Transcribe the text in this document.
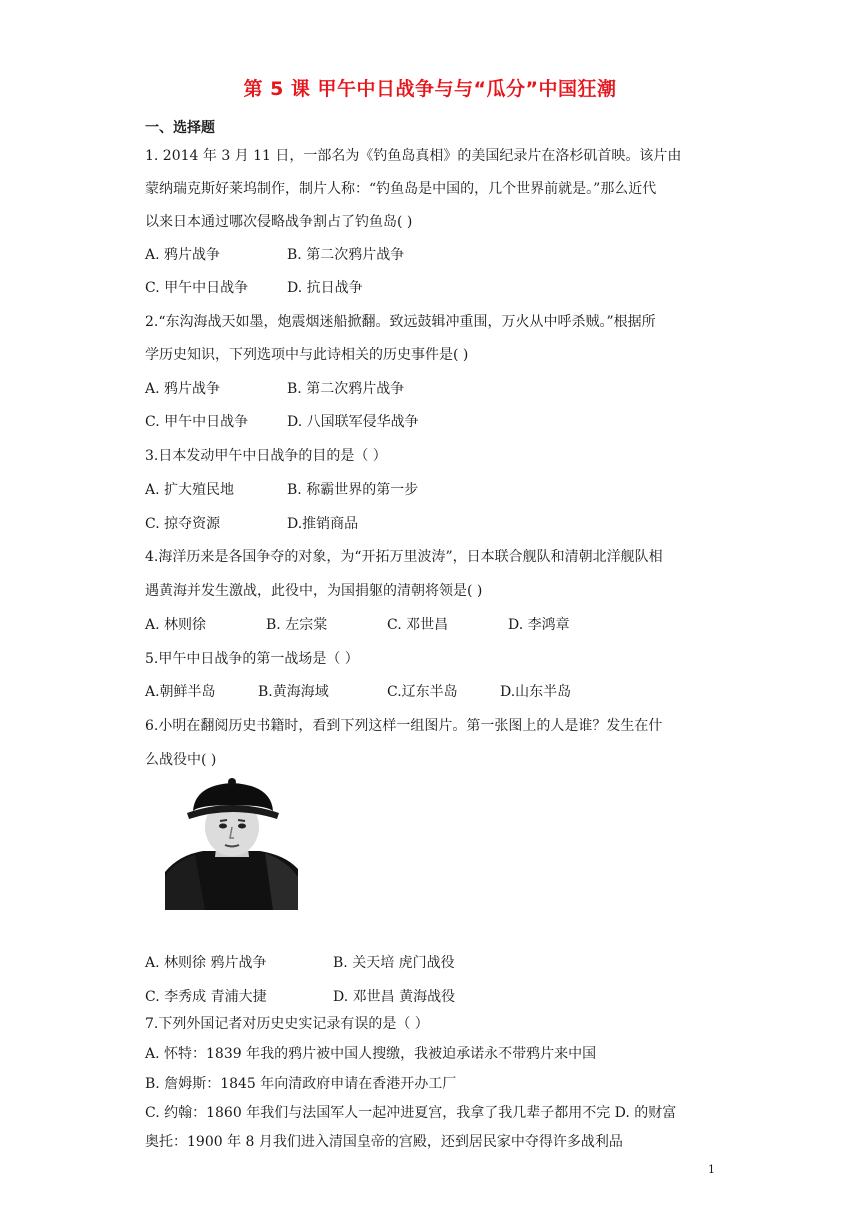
第 5 课 甲午中日战争与与“瓜分”中国狂潮
一、选择题
1. 2014 年 3 月 11 日，一部名为《钓鱼岛真相》的美国纪录片在洛杉矶首映。该片由
蒙纳瑞克斯好莱坞制作，制片人称：“钓鱼岛是中国的，几个世界前就是。”那么近代
以来日本通过哪次侵略战争割占了钓鱼岛( )
A. 鸦片战争	B. 第二次鸦片战争
C. 甲午中日战争	D. 抗日战争
2.“东沟海战天如墨，炮震烟迷船掀翻。致远鼓辑冲重围，万火从中呼杀贼。”根据所
学历史知识，下列选项中与此诗相关的历史事件是( )
A. 鸦片战争	B. 第二次鸦片战争
C. 甲午中日战争	D. 八国联军侵华战争
3.日本发动甲午中日战争的目的是（ ）
A. 扩大殖民地	B. 称霸世界的第一步
C. 掠夺资源	D.推销商品
4.海洋历来是各国争夺的对象，为“开拓万里波涛”，日本联合舰队和清朝北洋舰队相
遇黄海并发生激战，此役中，为国捐躯的清朝将领是( )
A. 林则徐	B. 左宗棠	C. 邓世昌	D. 李鸿章
5.甲午中日战争的第一战场是（ ）
A.朝鲜半岛	B.黄海海域	C.辽东半岛	D.山东半岛
6.小明在翻阅历史书籍时，看到下列这样一组图片。第一张图上的人是谁？发生在什
么战役中( )
A. 林则徐 鸦片战争	B. 关天培 虎门战役
C. 李秀成 青浦大捷	D. 邓世昌 黄海战役
7.下列外国记者对历史史实记录有误的是（ ）
A. 怀特：1839 年我的鸦片被中国人搜缴，我被迫承诺永不带鸦片来中国
B. 詹姆斯：1845 年向清政府申请在香港开办工厂
C. 约翰：1860 年我们与法国军人一起冲进夏宫，我拿了我几辈子都用不完 D. 的财富
奥托：1900 年 8 月我们进入清国皇帝的宫殿，还到居民家中夺得许多战利品
1
